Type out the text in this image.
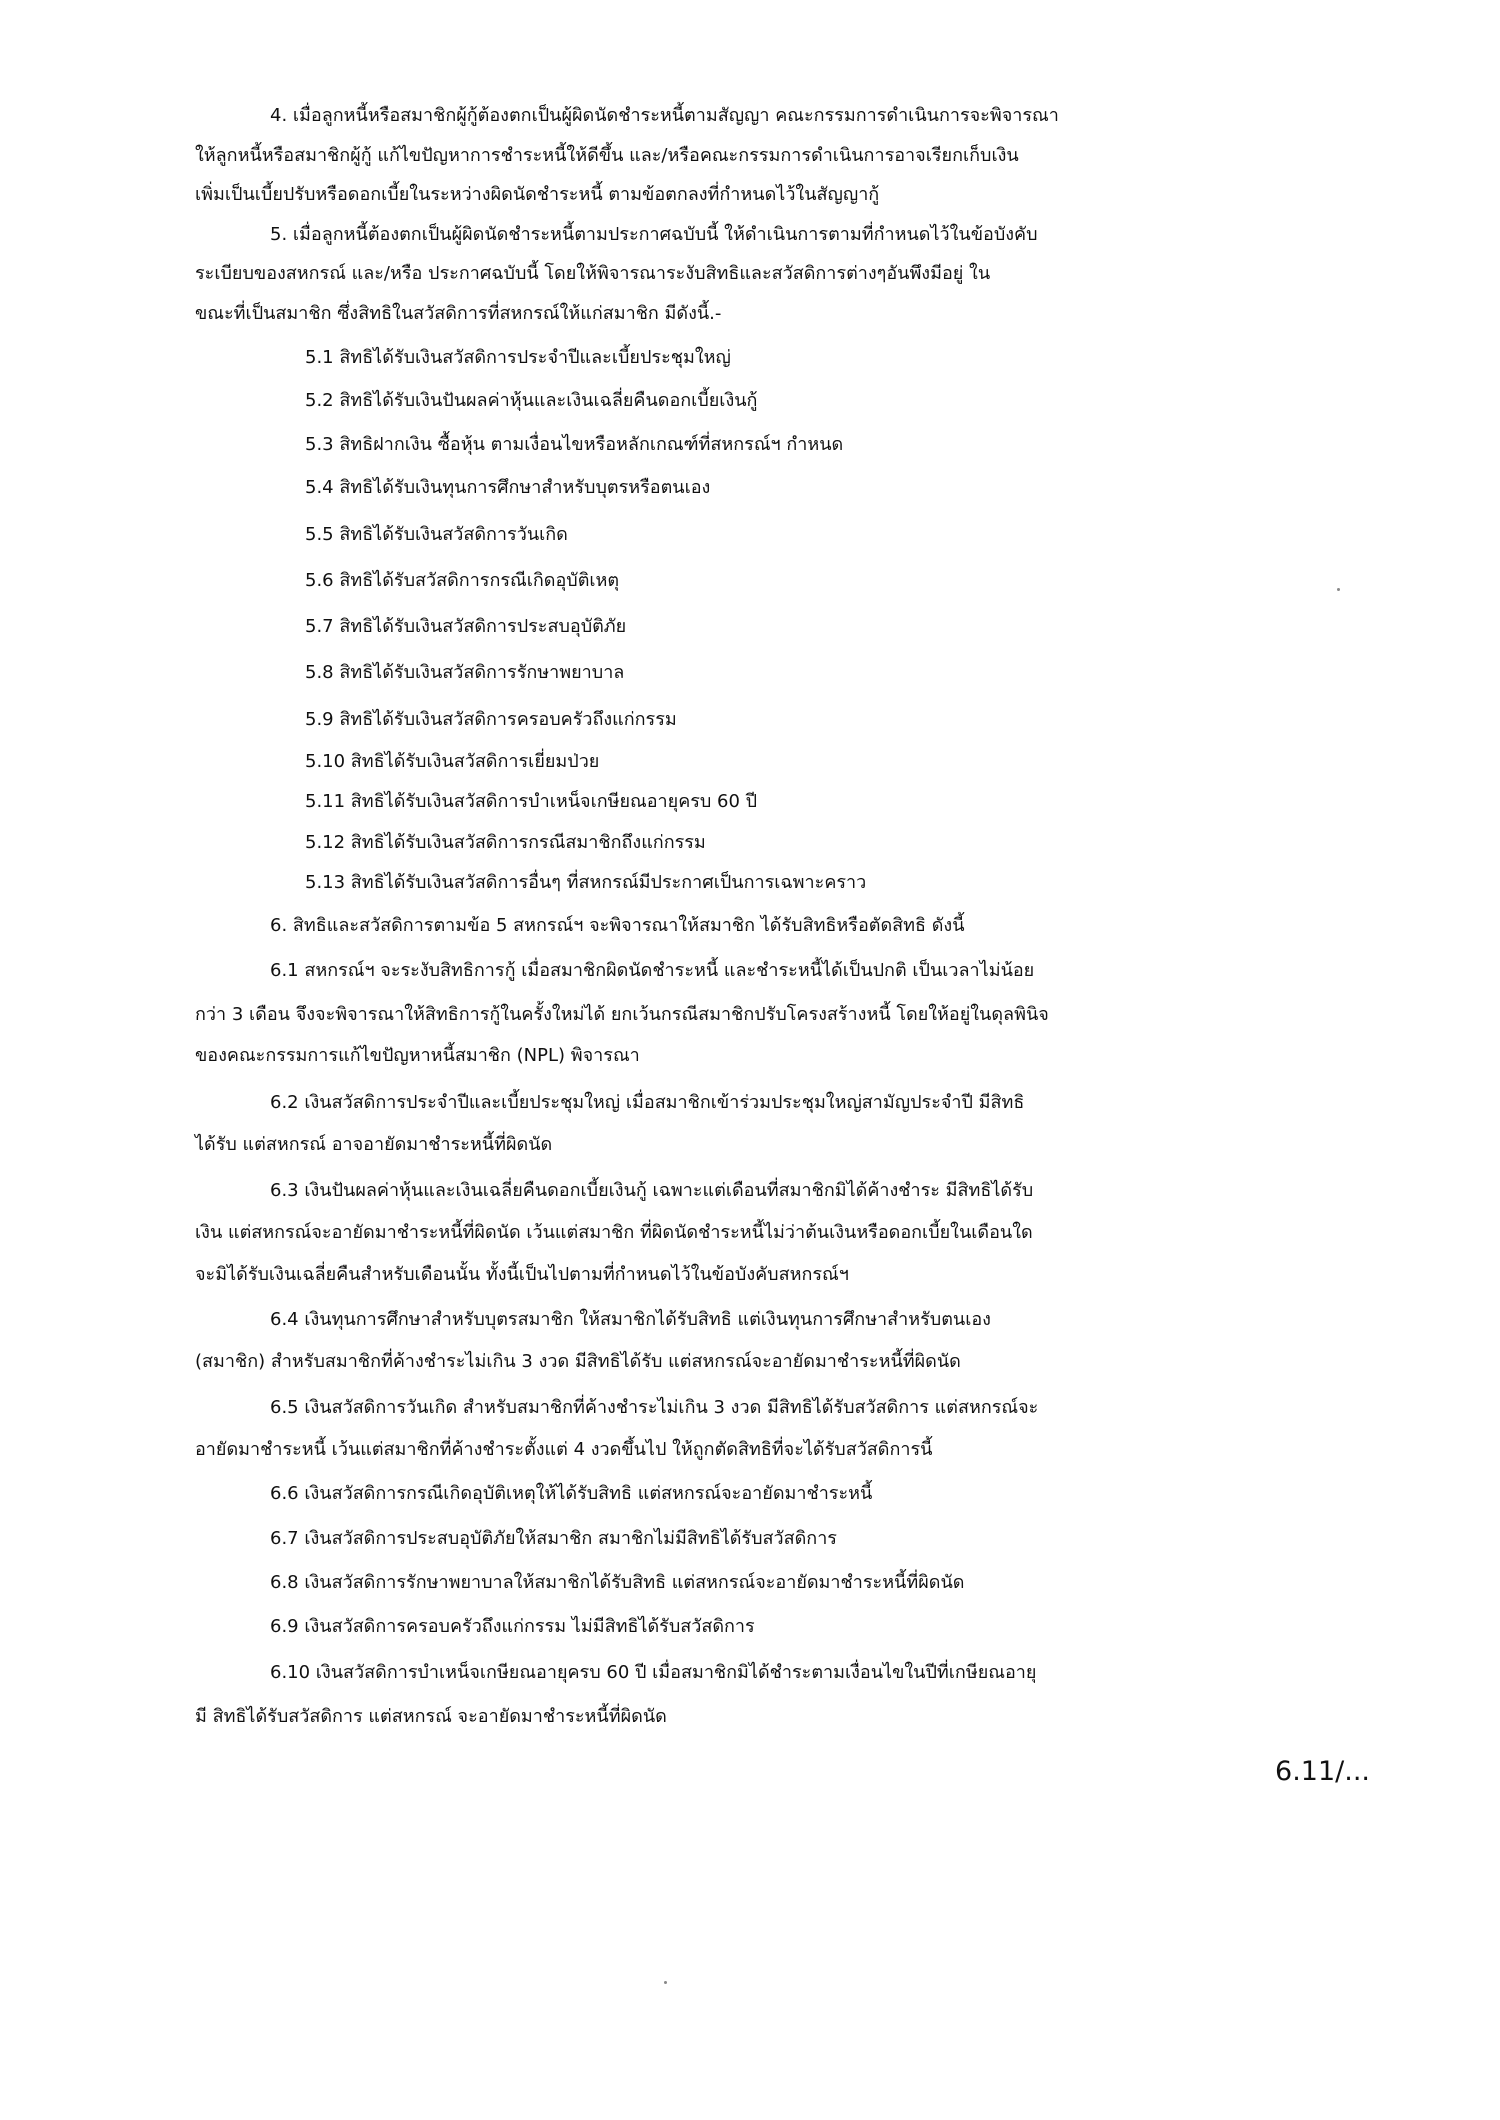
4. เมื่อลูกหนี้หรือสมาชิกผู้กู้ต้องตกเป็นผู้ผิดนัดชำระหนี้ตามสัญญา คณะกรรมการดำเนินการจะพิจารณา
ให้ลูกหนี้หรือสมาชิกผู้กู้ แก้ไขปัญหาการชำระหนี้ให้ดีขึ้น และ/หรือคณะกรรมการดำเนินการอาจเรียกเก็บเงิน
เพิ่มเป็นเบี้ยปรับหรือดอกเบี้ยในระหว่างผิดนัดชำระหนี้ ตามข้อตกลงที่กำหนดไว้ในสัญญากู้
5. เมื่อลูกหนี้ต้องตกเป็นผู้ผิดนัดชำระหนี้ตามประกาศฉบับนี้ ให้ดำเนินการตามที่กำหนดไว้ในข้อบังคับ
ระเบียบของสหกรณ์ และ/หรือ ประกาศฉบับนี้ โดยให้พิจารณาระงับสิทธิและสวัสดิการต่างๆอันพึงมีอยู่ ใน
ขณะที่เป็นสมาชิก ซึ่งสิทธิในสวัสดิการที่สหกรณ์ให้แก่สมาชิก มีดังนี้.-
5.1 สิทธิได้รับเงินสวัสดิการประจำปีและเบี้ยประชุมใหญ่
5.2 สิทธิได้รับเงินปันผลค่าหุ้นและเงินเฉลี่ยคืนดอกเบี้ยเงินกู้
5.3 สิทธิฝากเงิน ซื้อหุ้น ตามเงื่อนไขหรือหลักเกณฑ์ที่สหกรณ์ฯ กำหนด
5.4 สิทธิได้รับเงินทุนการศึกษาสำหรับบุตรหรือตนเอง
5.5 สิทธิได้รับเงินสวัสดิการวันเกิด
5.6 สิทธิได้รับสวัสดิการกรณีเกิดอุบัติเหตุ
5.7 สิทธิได้รับเงินสวัสดิการประสบอุบัติภัย
5.8 สิทธิได้รับเงินสวัสดิการรักษาพยาบาล
5.9 สิทธิได้รับเงินสวัสดิการครอบครัวถึงแก่กรรม
5.10 สิทธิได้รับเงินสวัสดิการเยี่ยมป่วย
5.11 สิทธิได้รับเงินสวัสดิการบำเหน็จเกษียณอายุครบ 60 ปี
5.12 สิทธิได้รับเงินสวัสดิการกรณีสมาชิกถึงแก่กรรม
5.13 สิทธิได้รับเงินสวัสดิการอื่นๆ ที่สหกรณ์มีประกาศเป็นการเฉพาะคราว
6. สิทธิและสวัสดิการตามข้อ 5 สหกรณ์ฯ จะพิจารณาให้สมาชิก ได้รับสิทธิหรือตัดสิทธิ ดังนี้
6.1 สหกรณ์ฯ จะระงับสิทธิการกู้ เมื่อสมาชิกผิดนัดชำระหนี้ และชำระหนี้ได้เป็นปกติ เป็นเวลาไม่น้อย
กว่า 3 เดือน จึงจะพิจารณาให้สิทธิการกู้ในครั้งใหม่ได้ ยกเว้นกรณีสมาชิกปรับโครงสร้างหนี้ โดยให้อยู่ในดุลพินิจ
ของคณะกรรมการแก้ไขปัญหาหนี้สมาชิก (NPL) พิจารณา
6.2 เงินสวัสดิการประจำปีและเบี้ยประชุมใหญ่ เมื่อสมาชิกเข้าร่วมประชุมใหญ่สามัญประจำปี มีสิทธิ
ได้รับ แต่สหกรณ์ อาจอายัดมาชำระหนี้ที่ผิดนัด
6.3 เงินปันผลค่าหุ้นและเงินเฉลี่ยคืนดอกเบี้ยเงินกู้ เฉพาะแต่เดือนที่สมาชิกมิได้ค้างชำระ มีสิทธิได้รับ
เงิน แต่สหกรณ์จะอายัดมาชำระหนี้ที่ผิดนัด เว้นแต่สมาชิก ที่ผิดนัดชำระหนี้ไม่ว่าต้นเงินหรือดอกเบี้ยในเดือนใด
จะมิได้รับเงินเฉลี่ยคืนสำหรับเดือนนั้น ทั้งนี้เป็นไปตามที่กำหนดไว้ในข้อบังคับสหกรณ์ฯ
6.4 เงินทุนการศึกษาสำหรับบุตรสมาชิก ให้สมาชิกได้รับสิทธิ แต่เงินทุนการศึกษาสำหรับตนเอง
(สมาชิก) สำหรับสมาชิกที่ค้างชำระไม่เกิน 3 งวด มีสิทธิได้รับ แต่สหกรณ์จะอายัดมาชำระหนี้ที่ผิดนัด
6.5 เงินสวัสดิการวันเกิด สำหรับสมาชิกที่ค้างชำระไม่เกิน 3 งวด มีสิทธิได้รับสวัสดิการ แต่สหกรณ์จะ
อายัดมาชำระหนี้ เว้นแต่สมาชิกที่ค้างชำระตั้งแต่ 4 งวดขึ้นไป ให้ถูกตัดสิทธิที่จะได้รับสวัสดิการนี้
6.6 เงินสวัสดิการกรณีเกิดอุบัติเหตุให้ได้รับสิทธิ แต่สหกรณ์จะอายัดมาชำระหนี้
6.7 เงินสวัสดิการประสบอุบัติภัยให้สมาชิก สมาชิกไม่มีสิทธิได้รับสวัสดิการ
6.8 เงินสวัสดิการรักษาพยาบาลให้สมาชิกได้รับสิทธิ แต่สหกรณ์จะอายัดมาชำระหนี้ที่ผิดนัด
6.9 เงินสวัสดิการครอบครัวถึงแก่กรรม ไม่มีสิทธิได้รับสวัสดิการ
6.10 เงินสวัสดิการบำเหน็จเกษียณอายุครบ 60 ปี เมื่อสมาชิกมิได้ชำระตามเงื่อนไขในปีที่เกษียณอายุ
มี สิทธิได้รับสวัสดิการ แต่สหกรณ์ จะอายัดมาชำระหนี้ที่ผิดนัด
6.11/...
